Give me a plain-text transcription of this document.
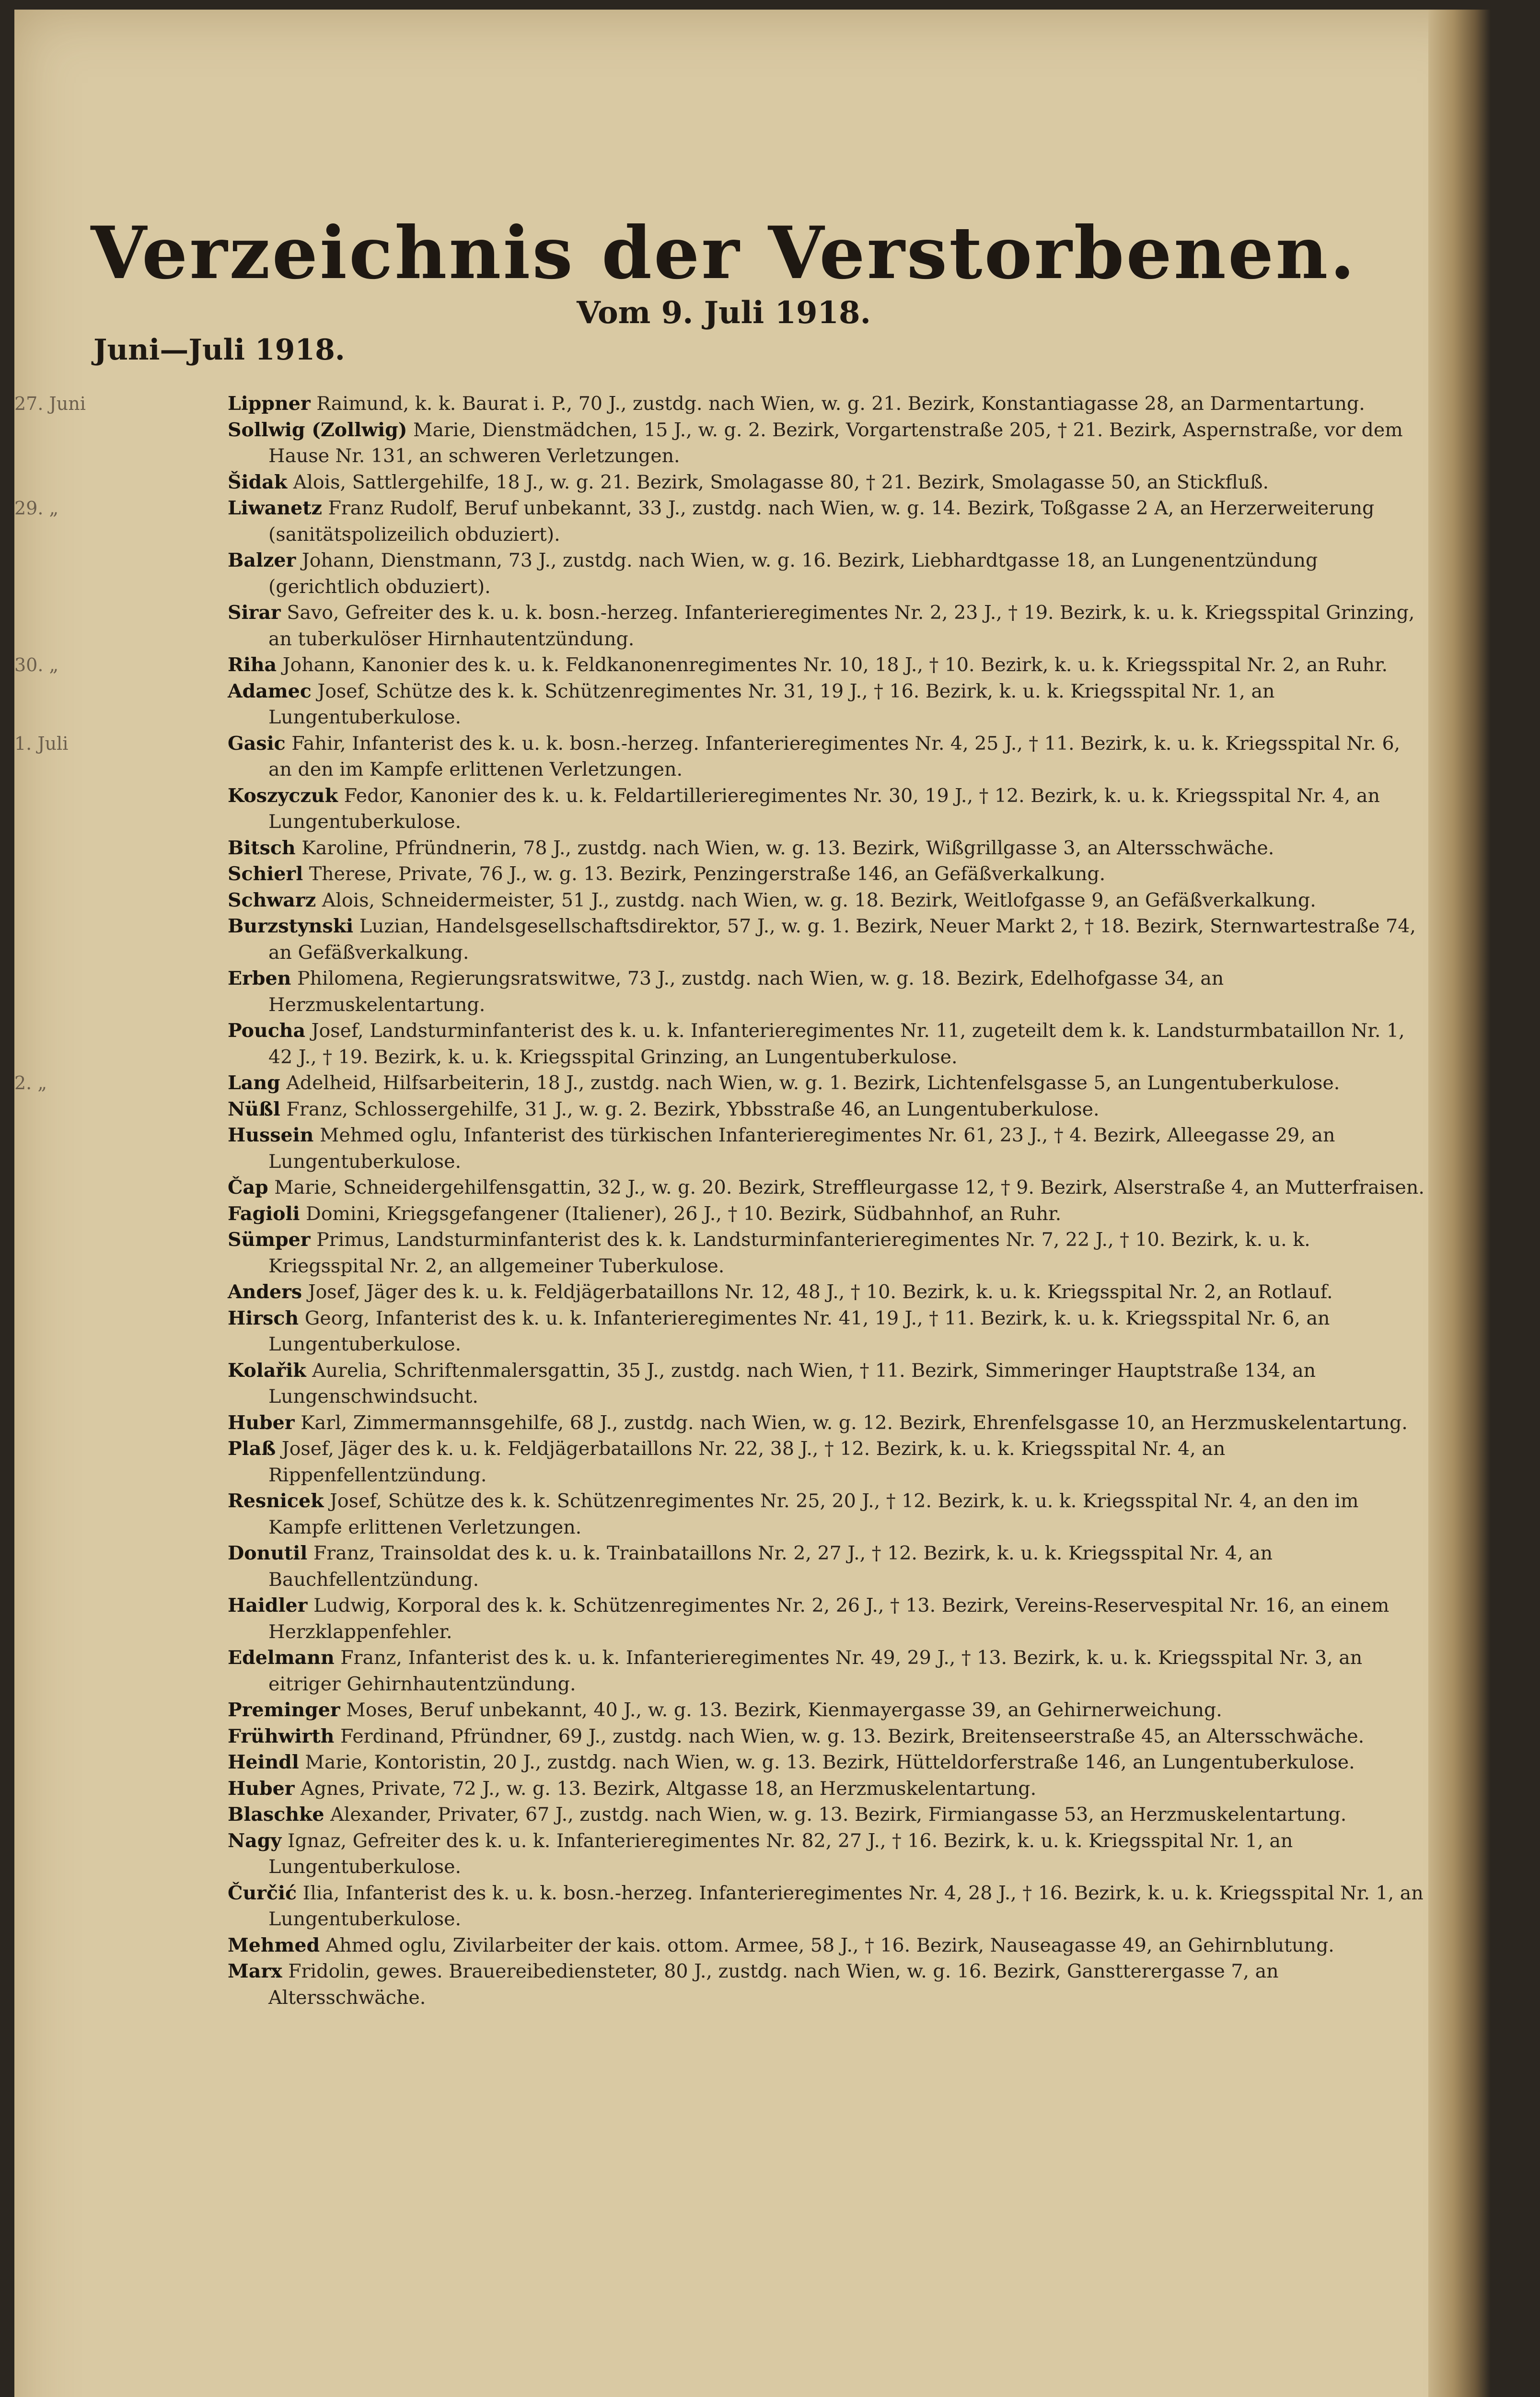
Verzeichnis der Verstorbenen.
Vom 9. Juli 1918.
Juni—Juli 1918.
27. Juni	Lippner Raimund, k. k. Baurat i. P., 70 J., zustdg. nach Wien, w. g. 21. Bezirk, Konstantiagasse 28, an Darmentartung.
Sollwig (Zollwig) Marie, Dienstmädchen, 15 J., w. g. 2. Bezirk, Vorgartenstraße 205, † 21. Bezirk, Aspernstraße, vor dem Hause Nr. 131, an schweren Verletzungen.
Šidak Alois, Sattlergehilfe, 18 J., w. g. 21. Bezirk, Smolagasse 80, † 21. Bezirk, Smolagasse 50, an Stickfluß.
29. „	Liwanetz Franz Rudolf, Beruf unbekannt, 33 J., zustdg. nach Wien, w. g. 14. Bezirk, Toßgasse 2 A, an Herzerweiterung (sanitätspolizeilich obduziert).
Balzer Johann, Dienstmann, 73 J., zustdg. nach Wien, w. g. 16. Bezirk, Liebhardtgasse 18, an Lungenentzündung (gerichtlich obduziert).
Sirar Savo, Gefreiter des k. u. k. bosn.-herzeg. Infanterieregimentes Nr. 2, 23 J., † 19. Bezirk, k. u. k. Kriegsspital Grinzing, an tuberkulöser Hirnhautentzündung.
30. „	Riha Johann, Kanonier des k. u. k. Feldkanonenregimentes Nr. 10, 18 J., † 10. Bezirk, k. u. k. Kriegsspital Nr. 2, an Ruhr.
Adamec Josef, Schütze des k. k. Schützenregimentes Nr. 31, 19 J., † 16. Bezirk, k. u. k. Kriegsspital Nr. 1, an Lungentuberkulose.
1. Juli	Gasic Fahir, Infanterist des k. u. k. bosn.-herzeg. Infanterieregimentes Nr. 4, 25 J., † 11. Bezirk, k. u. k. Kriegsspital Nr. 6, an den im Kampfe erlittenen Verletzungen.
Koszyczuk Fedor, Kanonier des k. u. k. Feldartillerieregimentes Nr. 30, 19 J., † 12. Bezirk, k. u. k. Kriegsspital Nr. 4, an Lungentuberkulose.
Bitsch Karoline, Pfründnerin, 78 J., zustdg. nach Wien, w. g. 13. Bezirk, Wißgrillgasse 3, an Altersschwäche.
Schierl Therese, Private, 76 J., w. g. 13. Bezirk, Penzingerstraße 146, an Gefäßverkalkung.
Schwarz Alois, Schneidermeister, 51 J., zustdg. nach Wien, w. g. 18. Bezirk, Weitlofgasse 9, an Gefäßverkalkung.
Burzstynski Luzian, Handelsgesellschaftsdirektor, 57 J., w. g. 1. Bezirk, Neuer Markt 2, † 18. Bezirk, Sternwartestraße 74, an Gefäßverkalkung.
Erben Philomena, Regierungsratswitwe, 73 J., zustdg. nach Wien, w. g. 18. Bezirk, Edelhofgasse 34, an Herzmuskelentartung.
Poucha Josef, Landsturminfanterist des k. u. k. Infanterieregimentes Nr. 11, zugeteilt dem k. k. Landsturmbataillon Nr. 1, 42 J., † 19. Bezirk, k. u. k. Kriegsspital Grinzing, an Lungentuberkulose.
2. „	Lang Adelheid, Hilfsarbeiterin, 18 J., zustdg. nach Wien, w. g. 1. Bezirk, Lichtenfelsgasse 5, an Lungentuberkulose.
Nüßl Franz, Schlossergehilfe, 31 J., w. g. 2. Bezirk, Ybbsstraße 46, an Lungentuberkulose.
Hussein Mehmed oglu, Infanterist des türkischen Infanterieregimentes Nr. 61, 23 J., † 4. Bezirk, Alleegasse 29, an Lungentuberkulose.
Čap Marie, Schneidergehilfensgattin, 32 J., w. g. 20. Bezirk, Streffleurgasse 12, † 9. Bezirk, Alserstraße 4, an Mutterfraisen.
Fagioli Domini, Kriegsgefangener (Italiener), 26 J., † 10. Bezirk, Südbahnhof, an Ruhr.
Sümper Primus, Landsturminfanterist des k. k. Landsturminfanterieregimentes Nr. 7, 22 J., † 10. Bezirk, k. u. k. Kriegsspital Nr. 2, an allgemeiner Tuberkulose.
Anders Josef, Jäger des k. u. k. Feldjägerbataillons Nr. 12, 48 J., † 10. Bezirk, k. u. k. Kriegsspital Nr. 2, an Rotlauf.
Hirsch Georg, Infanterist des k. u. k. Infanterieregimentes Nr. 41, 19 J., † 11. Bezirk, k. u. k. Kriegsspital Nr. 6, an Lungentuberkulose.
Kolařik Aurelia, Schriftenmalersgattin, 35 J., zustdg. nach Wien, † 11. Bezirk, Simmeringer Hauptstraße 134, an Lungenschwindsucht.
Huber Karl, Zimmermannsgehilfe, 68 J., zustdg. nach Wien, w. g. 12. Bezirk, Ehrenfelsgasse 10, an Herzmuskelentartung.
Plaß Josef, Jäger des k. u. k. Feldjägerbataillons Nr. 22, 38 J., † 12. Bezirk, k. u. k. Kriegsspital Nr. 4, an Rippenfellentzündung.
Resnicek Josef, Schütze des k. k. Schützenregimentes Nr. 25, 20 J., † 12. Bezirk, k. u. k. Kriegsspital Nr. 4, an den im Kampfe erlittenen Verletzungen.
Donutil Franz, Trainsoldat des k. u. k. Trainbataillons Nr. 2, 27 J., † 12. Bezirk, k. u. k. Kriegsspital Nr. 4, an Bauchfellentzündung.
Haidler Ludwig, Korporal des k. k. Schützenregimentes Nr. 2, 26 J., † 13. Bezirk, Vereins-Reservespital Nr. 16, an einem Herzklappenfehler.
Edelmann Franz, Infanterist des k. u. k. Infanterieregimentes Nr. 49, 29 J., † 13. Bezirk, k. u. k. Kriegsspital Nr. 3, an eitriger Gehirnhautentzündung.
Preminger Moses, Beruf unbekannt, 40 J., w. g. 13. Bezirk, Kienmayergasse 39, an Gehirnerweichung.
Frühwirth Ferdinand, Pfründner, 69 J., zustdg. nach Wien, w. g. 13. Bezirk, Breitenseerstraße 45, an Altersschwäche.
Heindl Marie, Kontoristin, 20 J., zustdg. nach Wien, w. g. 13. Bezirk, Hütteldorferstraße 146, an Lungentuberkulose.
Huber Agnes, Private, 72 J., w. g. 13. Bezirk, Altgasse 18, an Herzmuskelentartung.
Blaschke Alexander, Privater, 67 J., zustdg. nach Wien, w. g. 13. Bezirk, Firmiangasse 53, an Herzmuskelentartung.
Nagy Ignaz, Gefreiter des k. u. k. Infanterieregimentes Nr. 82, 27 J., † 16. Bezirk, k. u. k. Kriegsspital Nr. 1, an Lungentuberkulose.
Čurčić Ilia, Infanterist des k. u. k. bosn.-herzeg. Infanterieregimentes Nr. 4, 28 J., † 16. Bezirk, k. u. k. Kriegsspital Nr. 1, an Lungentuberkulose.
Mehmed Ahmed oglu, Zivilarbeiter der kais. ottom. Armee, 58 J., † 16. Bezirk, Nauseagasse 49, an Gehirnblutung.
Marx Fridolin, gewes. Brauereibediensteter, 80 J., zustdg. nach Wien, w. g. 16. Bezirk, Ganstterergasse 7, an Altersschwäche.
